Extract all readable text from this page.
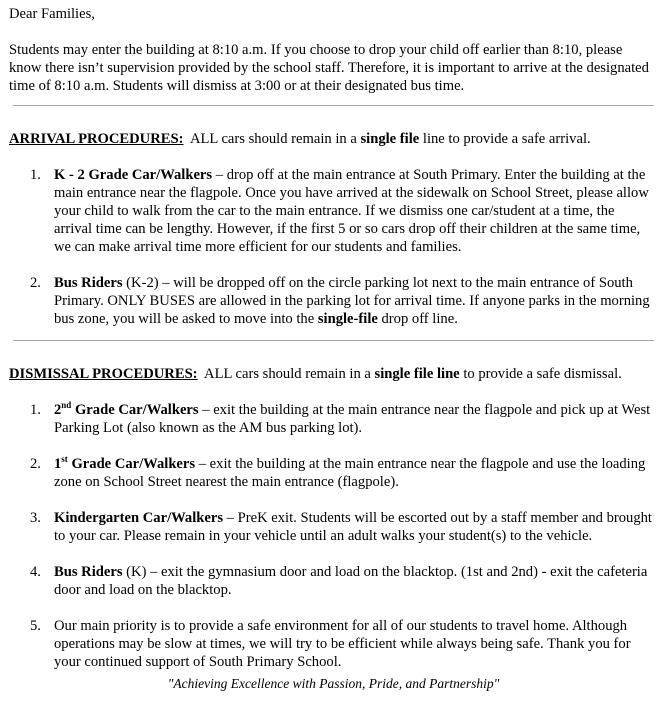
Dear Families,

Students may enter the building at 8:10 a.m. If you choose to drop your child off earlier than 8:10, please know there isn’t supervision provided by the school staff. Therefore, it is important to arrive at the designated time of 8:10 a.m. Students will dismiss at 3:00 or at their designated bus time.

ARRIVAL PROCEDURES:  ALL cars should remain in a single file line to provide a safe arrival.

1. K - 2 Grade Car/Walkers – drop off at the main entrance at South Primary. Enter the building at the main entrance near the flagpole. Once you have arrived at the sidewalk on School Street, please allow your child to walk from the car to the main entrance. If we dismiss one car/student at a time, the arrival time can be lengthy. However, if the first 5 or so cars drop off their children at the same time, we can make arrival time more efficient for our students and families.
2. Bus Riders (K-2) – will be dropped off on the circle parking lot next to the main entrance of South Primary. ONLY BUSES are allowed in the parking lot for arrival time. If anyone parks in the morning bus zone, you will be asked to move into the single-file drop off line.

DISMISSAL PROCEDURES:  ALL cars should remain in a single file line to provide a safe dismissal.

1. 2nd Grade Car/Walkers – exit the building at the main entrance near the flagpole and pick up at West Parking Lot (also known as the AM bus parking lot).
2. 1st Grade Car/Walkers – exit the building at the main entrance near the flagpole and use the loading zone on School Street nearest the main entrance (flagpole).
3. Kindergarten Car/Walkers – PreK exit. Students will be escorted out by a staff member and brought to your car. Please remain in your vehicle until an adult walks your student(s) to the vehicle.
4. Bus Riders (K) – exit the gymnasium door and load on the blacktop. (1st and 2nd) - exit the cafeteria door and load on the blacktop.
5. Our main priority is to provide a safe environment for all of our students to travel home. Although operations may be slow at times, we will try to be efficient while always being safe. Thank you for your continued support of South Primary School.

"Achieving Excellence with Passion, Pride, and Partnership"
